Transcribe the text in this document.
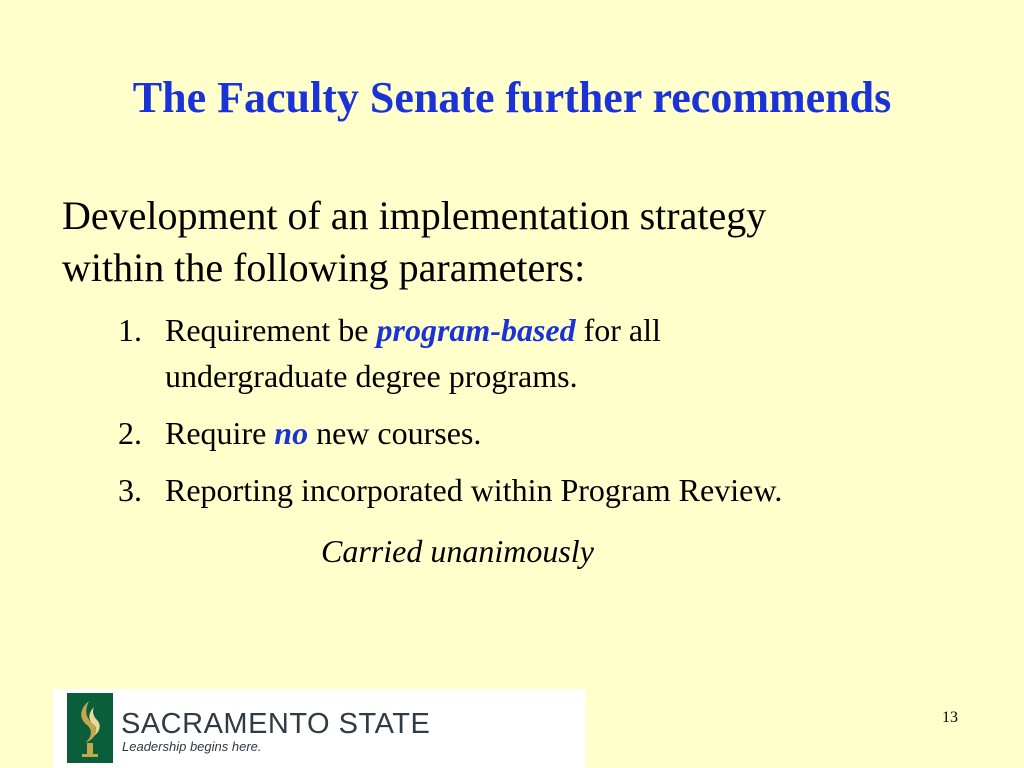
The Faculty Senate further recommends
Development of an implementation strategy
within the following parameters:
1. Requirement be program-based for all
undergraduate degree programs.
2. Require no new courses.
3. Reporting incorporated within Program Review.
Carried unanimously
SACRAMENTO STATE
Leadership begins here.
13
